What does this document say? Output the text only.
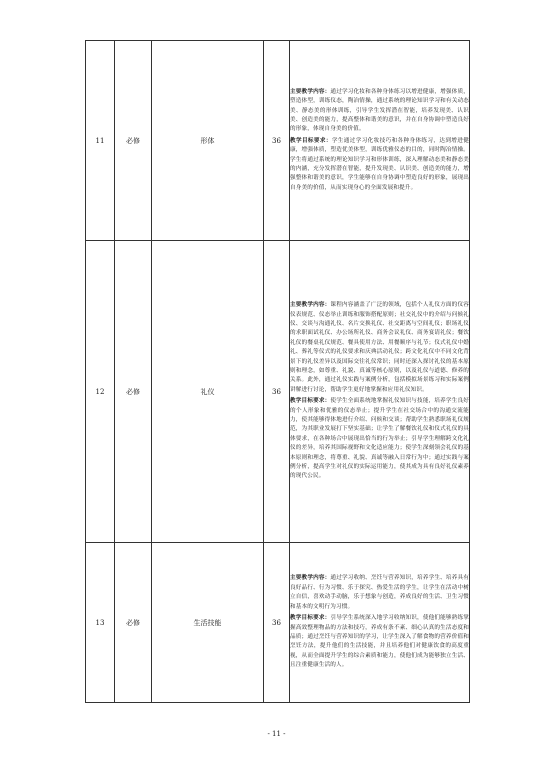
11	必修	形体	36	主要教学内容：通过学习化妆和各种身体练习以增进健康，增强体质，塑造体型，训练仪态，陶冶情操，通过系统的理论知识学习和有关动态美、静态美的形体训练，引导学生发挥潜在智能，培养发现美、认识美、创造美的能力，提高整体和谐美的意识，并在自身协调中塑造良好的形象，体现自身美的价值。
教学目标要求：学生通过学习化妆技巧和各种身体练习，达到增进健康，增强体质，塑造优美体型，训练优雅仪态的目的，同时陶冶情操。学生将通过系统的理论知识学习和形体训练，深入理解动态美和静态美的内涵，充分发挥潜在智能，提升发现美、认识美、创造美的能力，增强整体和谐美的意识，学生能够在自身协调中塑造良好的形象，展现出自身美的价值，从而实现身心的全面发展和提升。

12	必修	礼仪	36	主要教学内容：课程内容涵盖了广泛的领域，包括个人礼仪方面的仪容仪表规范、仪态举止训练和服饰搭配原则；社交礼仪中的介绍与问候礼仪、交谈与沟通礼仪、名片交换礼仪、社交距离与空间礼仪；职场礼仪的求职面试礼仪、办公场所礼仪、商务会议礼仪、商务宴请礼仪；餐饮礼仪的餐桌礼仪规范、餐具使用方法、用餐顺序与礼节；仪式礼仪中婚礼、葬礼等仪式的礼仪要求和庆典活动礼仪；跨文化礼仪中不同文化背景下的礼仪差异以及国际交往礼仪常识；同时还深入探讨礼仪的基本原则和理念，如尊重、礼貌、真诚等核心原则，以及礼仪与道德、修养的关系。此外，通过礼仪实践与案例分析，包括模拟场景练习和实际案例讲解进行讨论，帮助学生更好地掌握和应用礼仪知识。
教学目标要求：使学生全面系统地掌握礼仪知识与技能，培养学生良好的个人形象和优雅的仪态举止；提升学生在社交场合中的沟通交流能力，使其能够得体地进行介绍、问候和交谈；帮助学生熟悉职场礼仪规范，为其职业发展打下坚实基础；让学生了解餐饮礼仪和仪式礼仪的具体要求，在各种场合中展现出恰当的行为举止；引导学生理解跨文化礼仪的差异，培养其国际视野和文化适应能力；使学生深刻领会礼仪的基本原则和理念，将尊重、礼貌、真诚等融入日常行为中；通过实践与案例分析，提高学生对礼仪的实际运用能力，使其成为具有良好礼仪素养的现代公民。

13	必修	生活技能	36	主要教学内容：通过学习收纳、烹饪与营养知识，培养学生、培养具有良好品行、行为习惯、乐于探究、热爱生活的学生，让学生在活动中树立自信，喜欢动手动脑，乐于想象与创造，养成良好的生活、卫生习惯和基本的文明行为习惯。
教学目标要求：引导学生系统深入地学习收纳知识，使他们能够熟练掌握高效整理物品的方法和技巧，养成有条不紊、细心认真的生活态度和品质；通过烹饪与营养知识的学习，让学生深入了解食物的营养价值和烹饪方法，提升他们的生活技能，并且培养他们对健康饮食的高度重视，从而全面提升学生的综合素质和能力，使他们成为能够独立生活、且注重健康生活的人。
- 11 -
